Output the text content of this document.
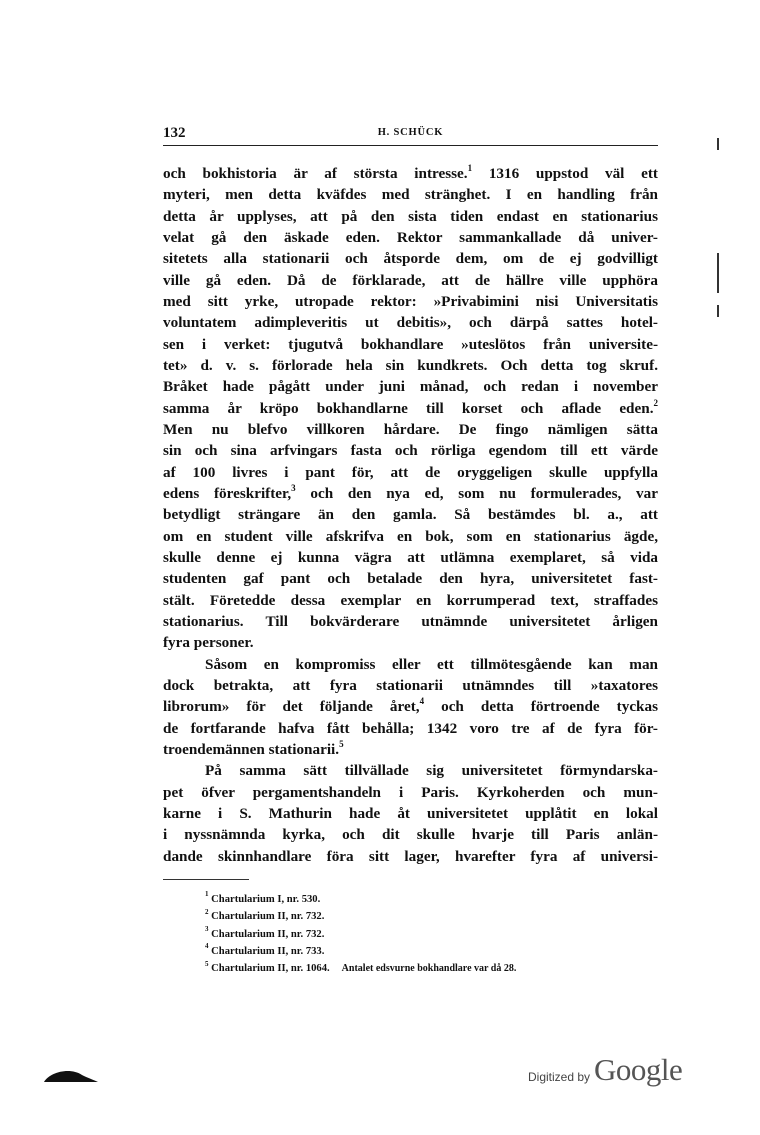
132	H. SCHÜCK
och bokhistoria är af största intresse.$^1$ 1316 uppstod väl ett
myteri, men detta kväfdes med stränghet. I en handling från
detta år upplyses, att på den sista tiden endast en stationarius
velat gå den äskade eden. Rektor sammankallade då univer-
sitetets alla stationarii och åtsporde dem, om de ej godvilligt
ville gå eden. Då de förklarade, att de hällre ville upphöra
med sitt yrke, utropade rektor: »Privabimini nisi Universitatis
voluntatem adimpleveritis ut debitis», och därpå sattes hotel-
sen i verket: tjugutvå bokhandlare »uteslötos från universite-
tet» d. v. s. förlorade hela sin kundkrets. Och detta tog skruf.
Bråket hade pågått under juni månad, och redan i november
samma år kröpo bokhandlarne till korset och aflade eden.$^2$
Men nu blefvo villkoren hårdare. De fingo nämligen sätta
sin och sina arfvingars fasta och rörliga egendom till ett värde
af 100 livres i pant för, att de oryggeligen skulle uppfylla
edens föreskrifter,$^3$ och den nya ed, som nu formulerades, var
betydligt strängare än den gamla. Så bestämdes bl. a., att
om en student ville afskrifva en bok, som en stationarius ägde,
skulle denne ej kunna vägra att utlämna exemplaret, så vida
studenten gaf pant och betalade den hyra, universitetet fast-
stält. Företedde dessa exemplar en korrumperad text, straffades
stationarius. Till bokvärderare utnämnde universitetet årligen
fyra personer.
Såsom en kompromiss eller ett tillmötesgående kan man
dock betrakta, att fyra stationarii utnämndes till »taxatores
librorum» för det följande året,$^4$ och detta förtroende tyckas
de fortfarande hafva fått behålla; 1342 voro tre af de fyra för-
troendemännen stationarii.$^5$
På samma sätt tillvällade sig universitetet förmyndarska-
pet öfver pergamentshandeln i Paris. Kyrkoherden och mun-
karne i S. Mathurin hade åt universitetet upplåtit en lokal
i nyssnämnda kyrka, och dit skulle hvarje till Paris anlän-
dande skinnhandlare föra sitt lager, hvarefter fyra af universi-
$^1$ Chartularium I, nr. 530.
$^2$ Chartularium II, nr. 732.
$^3$ Chartularium II, nr. 732.
$^4$ Chartularium II, nr. 733.
$^5$ Chartularium II, nr. 1064. Antalet edsvurne bokhandlare var då 28.
Digitized by Google
